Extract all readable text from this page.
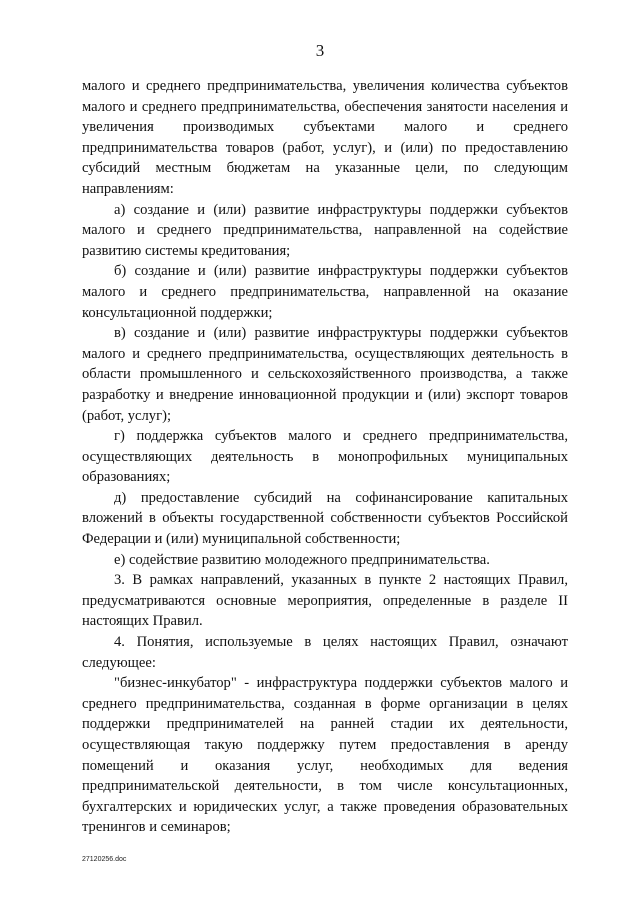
3

малого и среднего предпринимательства, увеличения количества субъектов малого и среднего предпринимательства, обеспечения занятости населения и увеличения производимых субъектами малого и среднего предпринимательства товаров (работ, услуг), и (или) по предоставлению субсидий местным бюджетам на указанные цели, по следующим направлениям:

а) создание и (или) развитие инфраструктуры поддержки субъектов малого и среднего предпринимательства, направленной на содействие развитию системы кредитования;

б) создание и (или) развитие инфраструктуры поддержки субъектов малого и среднего предпринимательства, направленной на оказание консультационной поддержки;

в) создание и (или) развитие инфраструктуры поддержки субъектов малого и среднего предпринимательства, осуществляющих деятельность в области промышленного и сельскохозяйственного производства, а также разработку и внедрение инновационной продукции и (или) экспорт товаров (работ, услуг);

г) поддержка субъектов малого и среднего предпринимательства, осуществляющих деятельность в монопрофильных муниципальных образованиях;

д) предоставление субсидий на софинансирование капитальных вложений в объекты государственной собственности субъектов Российской Федерации и (или) муниципальной собственности;

е) содействие развитию молодежного предпринимательства.

3. В рамках направлений, указанных в пункте 2 настоящих Правил, предусматриваются основные мероприятия, определенные в разделе II настоящих Правил.

4. Понятия, используемые в целях настоящих Правил, означают следующее:

"бизнес-инкубатор" - инфраструктура поддержки субъектов малого и среднего предпринимательства, созданная в форме организации в целях поддержки предпринимателей на ранней стадии их деятельности, осуществляющая такую поддержку путем предоставления в аренду помещений и оказания услуг, необходимых для ведения предпринимательской деятельности, в том числе консультационных, бухгалтерских и юридических услуг, а также проведения образовательных тренингов и семинаров;

27120256.doc
